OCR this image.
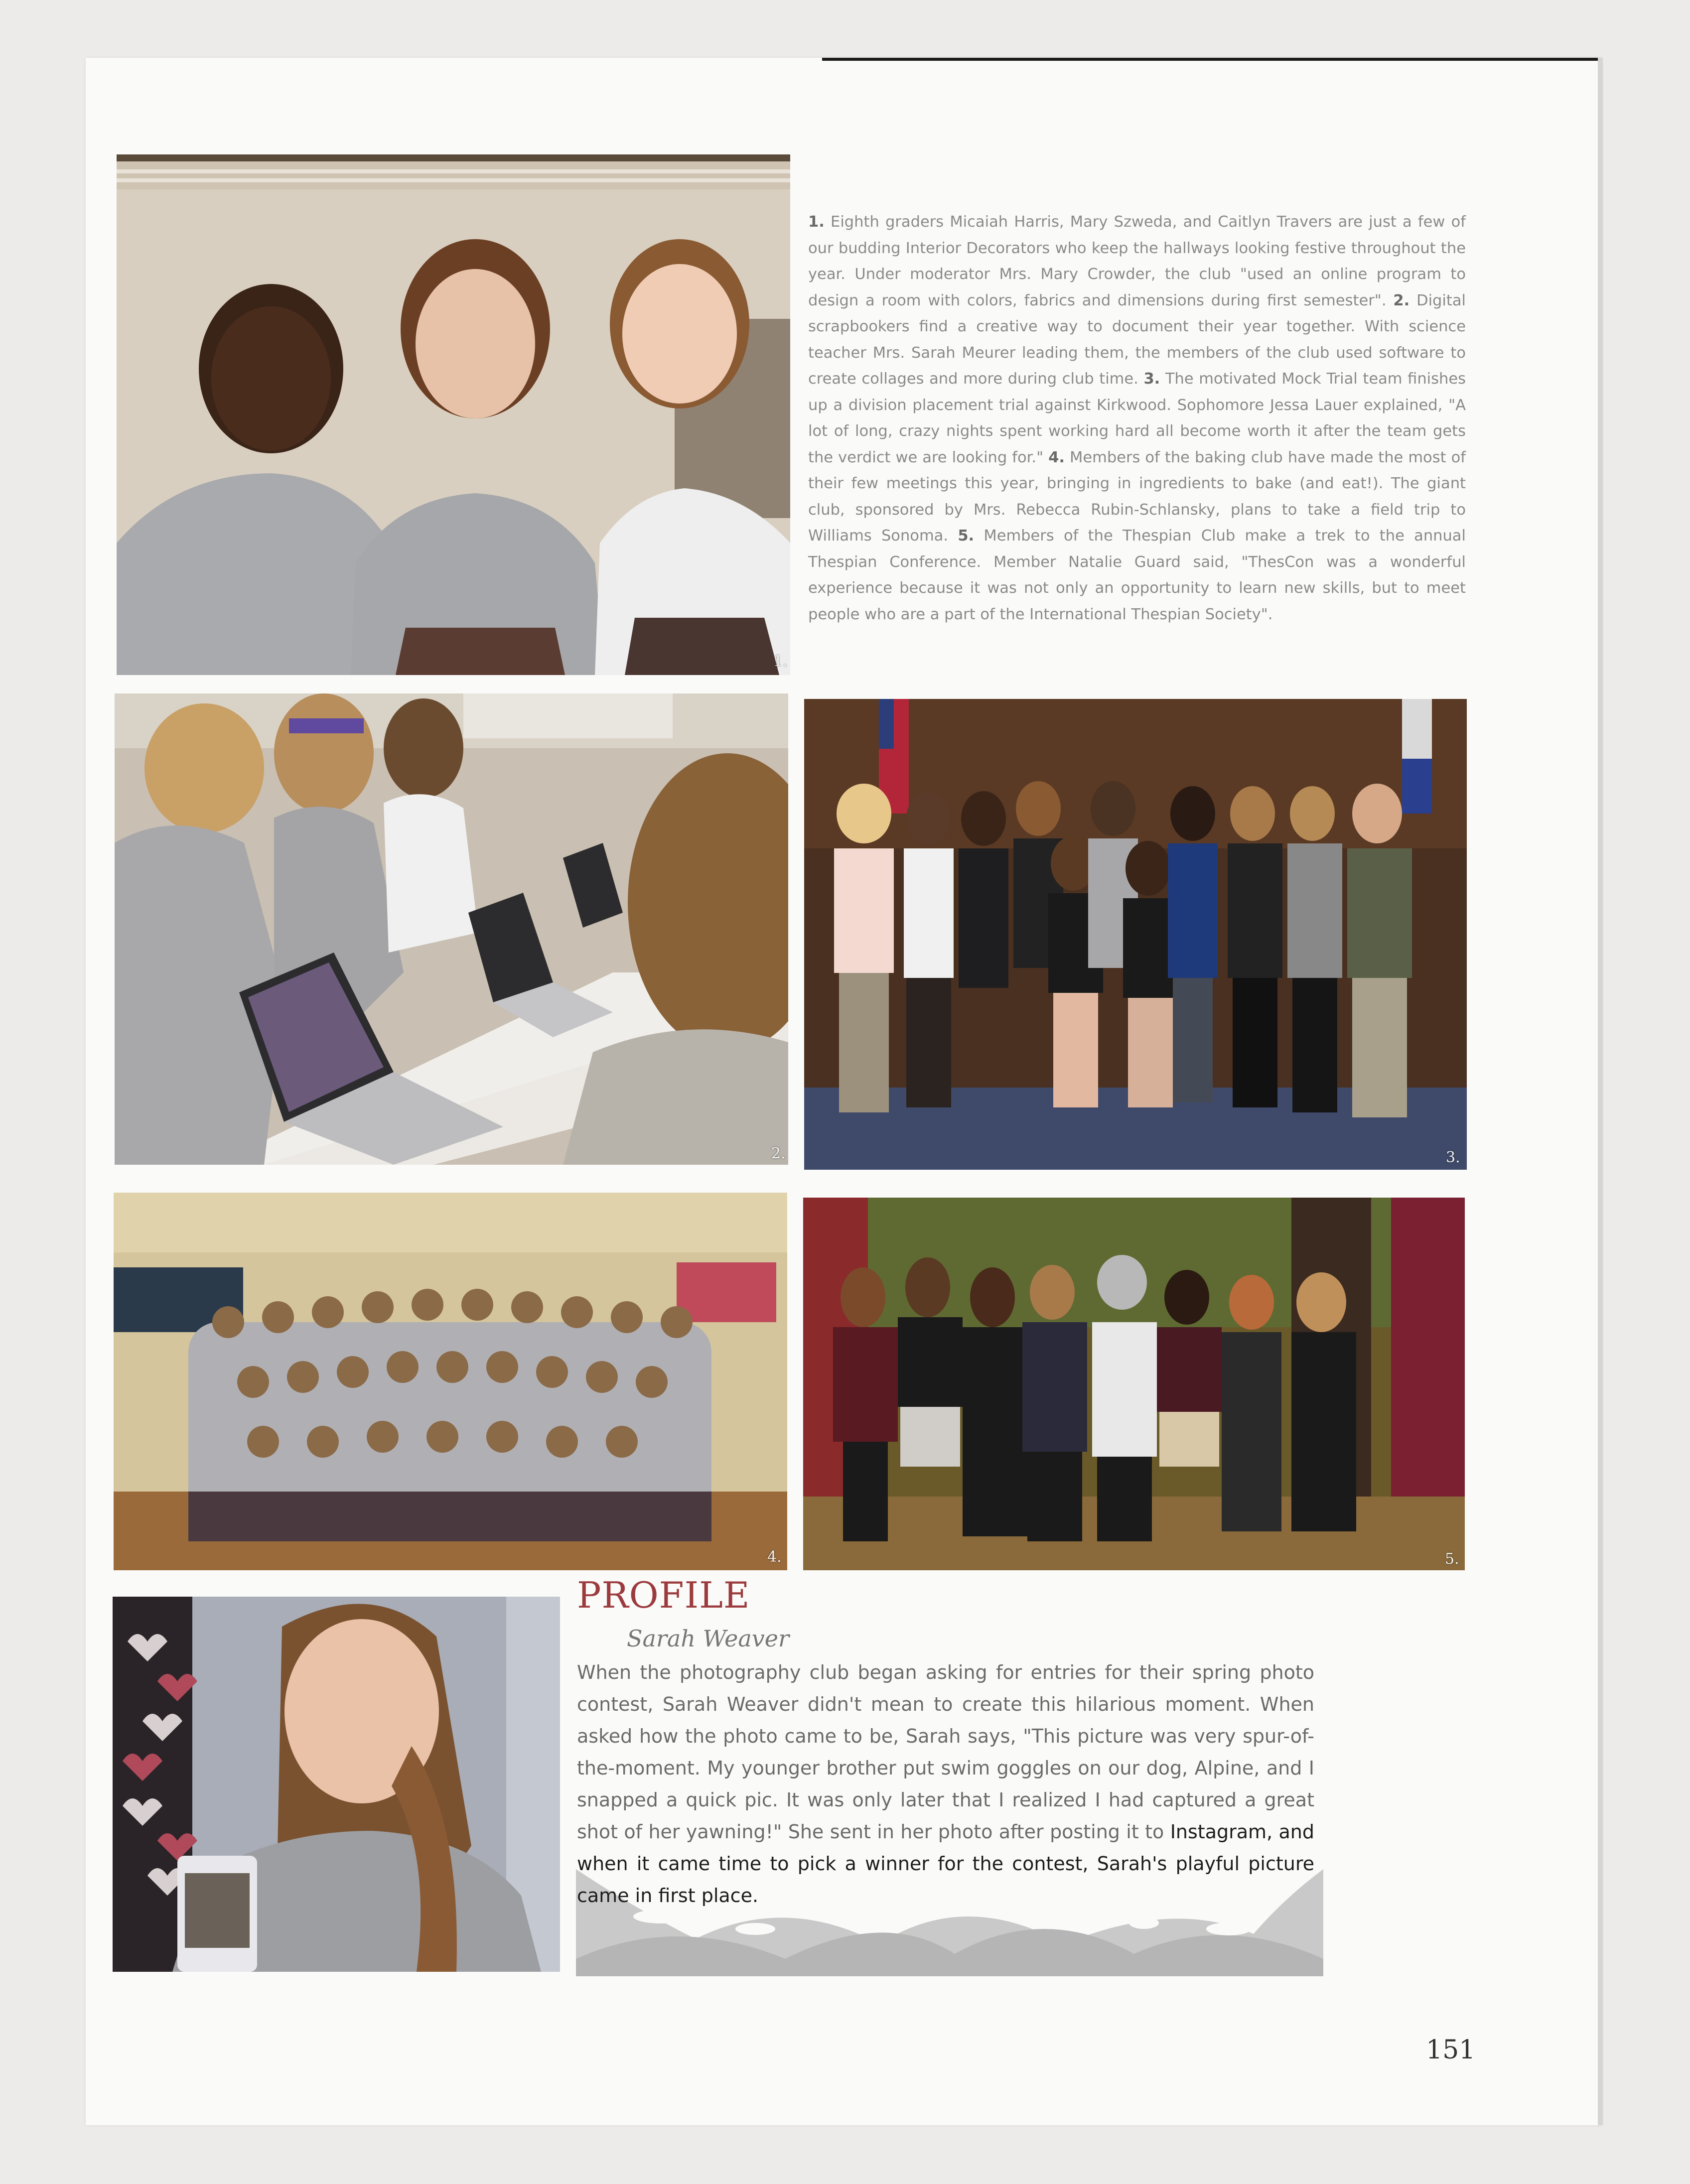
1.
1. Eighth graders Micaiah Harris, Mary Szweda, and Caitlyn Travers are just a few of our budding Interior Decorators who keep the hallways looking festive throughout the year. Under moderator Mrs. Mary Crowder, the club "used an online program to design a room with colors, fabrics and dimensions during first semester". 2. Digital scrapbookers find a creative way to document their year together. With science teacher Mrs. Sarah Meurer leading them, the members of the club used software to create collages and more during club time. 3. The motivated Mock Trial team finishes up a division placement trial against Kirkwood. Sophomore Jessa Lauer explained, "A lot of long, crazy nights spent working hard all become worth it after the team gets the verdict we are looking for." 4. Members of the baking club have made the most of their few meetings this year, bringing in ingredients to bake (and eat!). The giant club, sponsored by Mrs. Rebecca Rubin-Schlansky, plans to take a field trip to Williams Sonoma. 5. Members of the Thespian Club make a trek to the annual Thespian Conference. Member Natalie Guard said, "ThesCon was a wonderful experience because it was not only an opportunity to learn new skills, but to meet people who are a part of the International Thespian Society".
2.	3.
4.	5.
PROFILE
Sarah Weaver
When the photography club began asking for entries for their spring photo contest, Sarah Weaver didn't mean to create this hilarious moment. When asked how the photo came to be, Sarah says, "This picture was very spur-of-the-moment. My younger brother put swim goggles on our dog, Alpine, and I snapped a quick pic. It was only later that I realized I had captured a great shot of her yawning!" She sent in her photo after posting it to Instagram, and when it came time to pick a winner for the contest, Sarah's playful picture came in first place.
151
